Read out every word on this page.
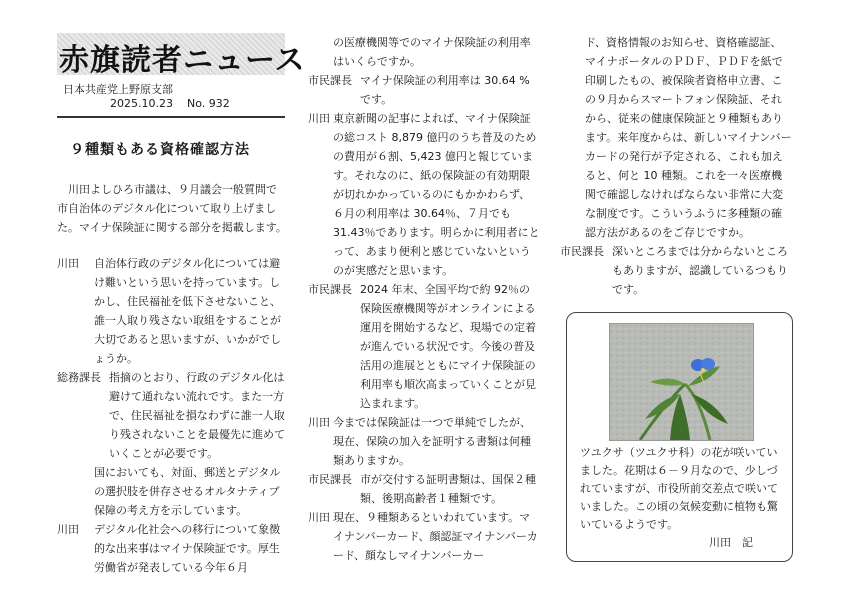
赤旗読者ニュース
日本共産党上野原支部
2025.10.23 No. 932
９種類もある資格確認方法

川田よしひろ市議は、９月議会一般質問で市自治体のデジタル化について取り上げました。マイナ保険証に関する部分を掲載します。

川田	自治体行政のデジタル化については避け難いという思いを持っています。しかし、住民福祉を低下させないこと、誰一人取り残さない取組をすることが大切であると思いますが、いかがでしょうか。
総務課長 指摘のとおり、行政のデジタル化は避けて通れない流れです。また一方で、住民福祉を損なわずに誰一人取り残されないことを最優先に進めていくことが必要です。
国においても、対面、郵送とデジタルの選択肢を併存させるオルタナティブ保障の考え方を示しています。
川田	デジタル化社会への移行について象徴的な出来事はマイナ保険証です。厚生労働省が発表している今年６月

の医療機関等でのマイナ保険証の利用率はいくらですか。

市民課長 マイナ保険証の利用率は 30.64 %です。
川田 東京新聞の記事によれば、マイナ保険証の総コスト 8,879 億円のうち普及のための費用が６割、5,423 億円と報じています。それなのに、紙の保険証の有効期限が切れかかっているのにもかかわらず、６月の利用率は 30.64％、７月でも 31.43％であります。明らかに利用者にとって、あまり便利と感じていないというのが実感だと思います。
市民課長 2024 年末、全国平均で約 92％の保険医療機関等がオンラインによる運用を開始するなど、現場での定着が進んでいる状況です。今後の普及活用の進展とともにマイナ保険証の利用率も順次高まっていくことが見込まれます。
川田 今までは保険証は一つで単純でしたが、現在、保険の加入を証明する書類は何種類ありますか。
市民課長 市が交付する証明書類は、国保２種類、後期高齢者１種類です。
川田 現在、９種類あるといわれています。マイナンバーカード、顔認証マイナンバーカード、顔なしマイナンバーカー

ド、資格情報のお知らせ、資格確認証、マイナポータルのＰＤＦ、ＰＤＦを紙で印刷したもの、被保険者資格申立書、この９月からスマートフォン保険証、それから、従来の健康保険証と９種類もあります。来年度からは、新しいマイナンバーカードの発行が予定される、これも加えると、何と 10 種類。これを一々医療機関で確認しなければならない非常に大変な制度です。こういうふうに多種類の確認方法があるのをご存じですか。

市民課長 深いところまでは分からないところもありますが、認識しているつもりです。
ツユクサ（ツユクサ科）の花が咲いていました。花期は６－９月なので、少しづれていますが、市役所前交差点で咲いていました。この頃の気候変動に植物も驚いているようです。
川田　記
